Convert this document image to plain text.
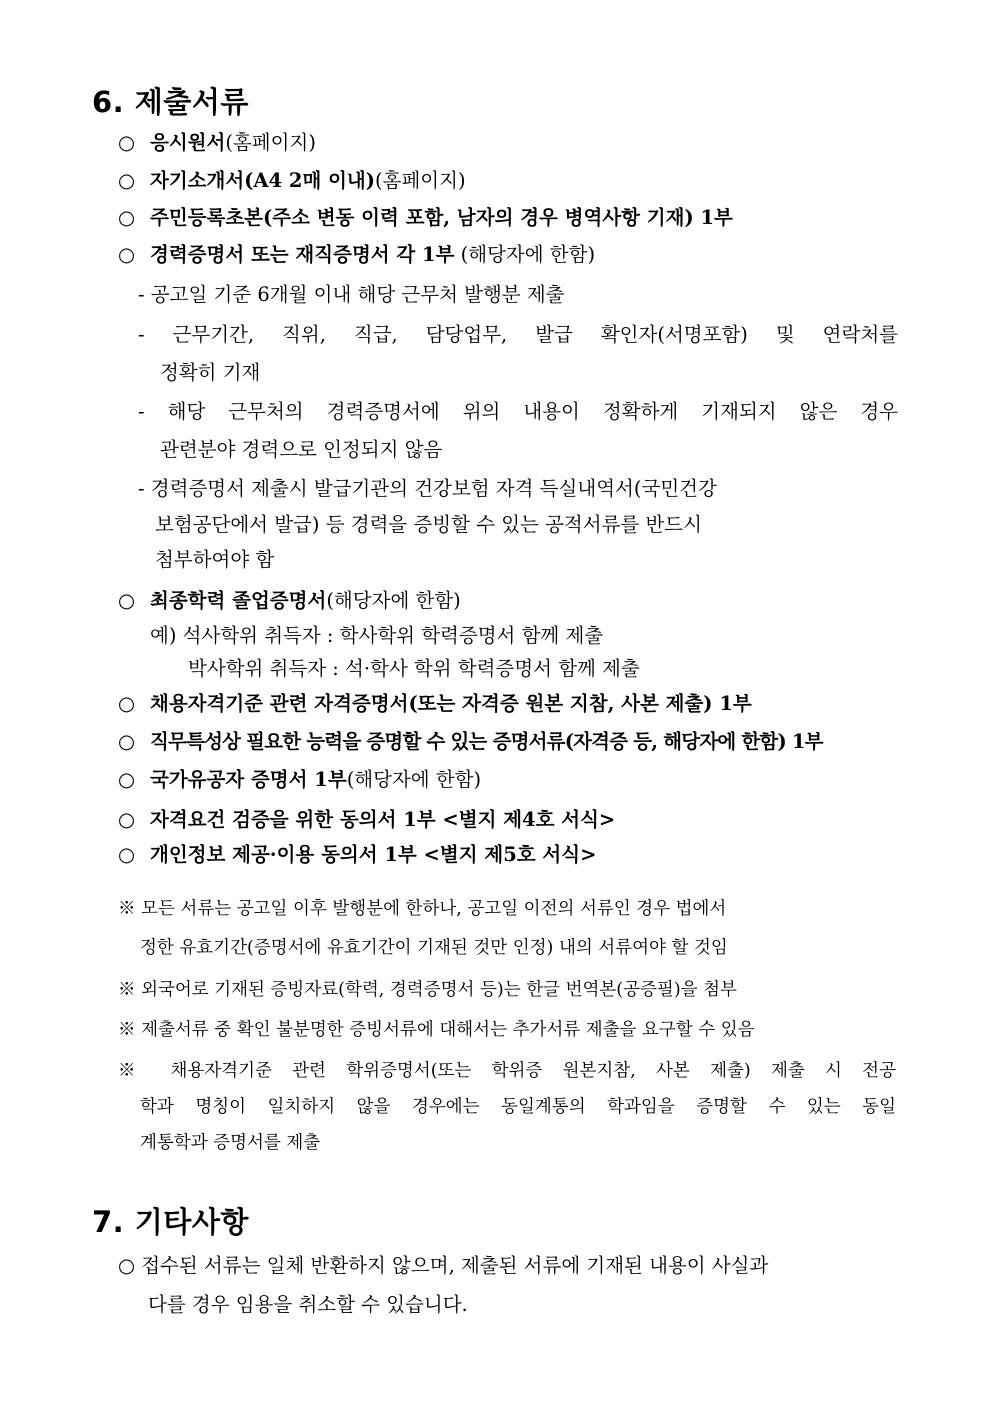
6. 제출서류
○ 응시원서(홈페이지)
○ 자기소개서(A4 2매 이내)(홈페이지)
○ 주민등록초본(주소 변동 이력 포함, 남자의 경우 병역사항 기재) 1부
○ 경력증명서 또는 재직증명서 각 1부 (해당자에 한함)
- 공고일 기준 6개월 이내 해당 근무처 발행분 제출
- 근무기간, 직위, 직급, 담당업무, 발급 확인자(서명포함) 및 연락처를
정확히 기재
- 해당 근무처의 경력증명서에 위의 내용이 정확하게 기재되지 않은 경우
관련분야 경력으로 인정되지 않음
- 경력증명서 제출시 발급기관의 건강보험 자격 득실내역서(국민건강
보험공단에서 발급) 등 경력을 증빙할 수 있는 공적서류를 반드시
첨부하여야 함
○ 최종학력 졸업증명서(해당자에 한함)
예) 석사학위 취득자 : 학사학위 학력증명서 함께 제출
박사학위 취득자 : 석·학사 학위 학력증명서 함께 제출
○ 채용자격기준 관련 자격증명서(또는 자격증 원본 지참, 사본 제출) 1부
○ 직무특성상 필요한 능력을 증명할 수 있는 증명서류(자격증 등, 해당자에 한함) 1부
○ 국가유공자 증명서 1부(해당자에 한함)
○ 자격요건 검증을 위한 동의서 1부 <별지 제4호 서식>
○ 개인정보 제공·이용 동의서 1부 <별지 제5호 서식>
※ 모든 서류는 공고일 이후 발행분에 한하나, 공고일 이전의 서류인 경우 법에서
정한 유효기간(증명서에 유효기간이 기재된 것만 인정) 내의 서류여야 할 것임
※ 외국어로 기재된 증빙자료(학력, 경력증명서 등)는 한글 번역본(공증필)을 첨부
※ 제출서류 중 확인 불분명한 증빙서류에 대해서는 추가서류 제출을 요구할 수 있음
※ 채용자격기준 관련 학위증명서(또는 학위증 원본지참, 사본 제출) 제출 시 전공
학과 명칭이 일치하지 않을 경우에는 동일계통의 학과임을 증명할 수 있는 동일
계통학과 증명서를 제출
7. 기타사항
○ 접수된 서류는 일체 반환하지 않으며, 제출된 서류에 기재된 내용이 사실과
다를 경우 임용을 취소할 수 있습니다.
